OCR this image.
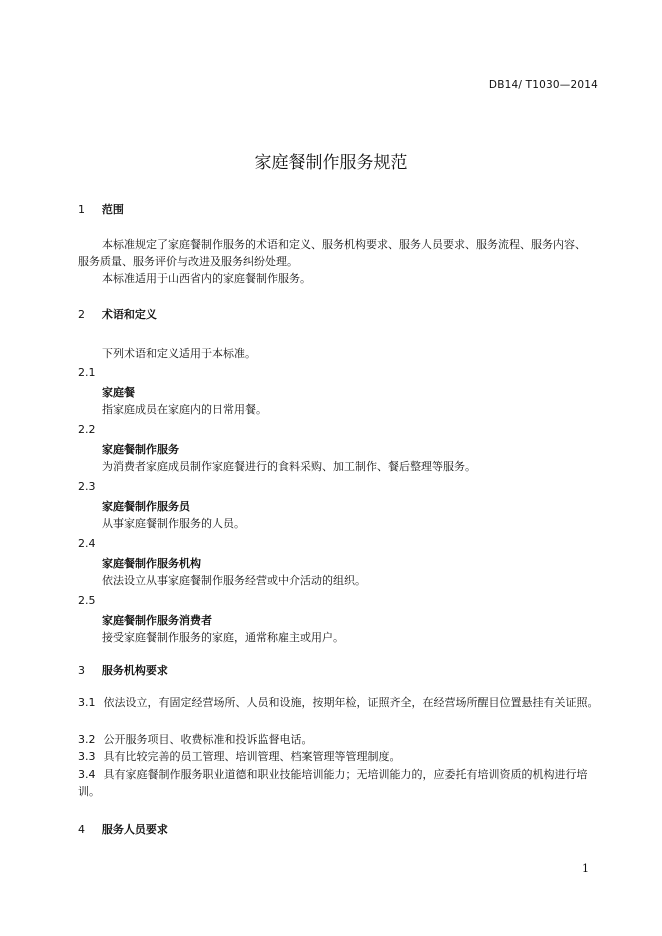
DB14/ T1030—2014
家庭餐制作服务规范
1 范围
本标准规定了家庭餐制作服务的术语和定义、服务机构要求、服务人员要求、服务流程、服务内容、
服务质量、服务评价与改进及服务纠纷处理。
本标准适用于山西省内的家庭餐制作服务。
2 术语和定义
下列术语和定义适用于本标准。
2.1
家庭餐
指家庭成员在家庭内的日常用餐。
2.2
家庭餐制作服务
为消费者家庭成员制作家庭餐进行的食料采购、加工制作、餐后整理等服务。
2.3
家庭餐制作服务员
从事家庭餐制作服务的人员。
2.4
家庭餐制作服务机构
依法设立从事家庭餐制作服务经营或中介活动的组织。
2.5
家庭餐制作服务消费者
接受家庭餐制作服务的家庭，通常称雇主或用户。
3 服务机构要求
3.1 依法设立，有固定经营场所、人员和设施，按期年检，证照齐全，在经营场所醒目位置悬挂有关证照。
3.2 公开服务项目、收费标准和投诉监督电话。
3.3 具有比较完善的员工管理、培训管理、档案管理等管理制度。
3.4 具有家庭餐制作服务职业道德和职业技能培训能力；无培训能力的，应委托有培训资质的机构进行培训。
4 服务人员要求
1
